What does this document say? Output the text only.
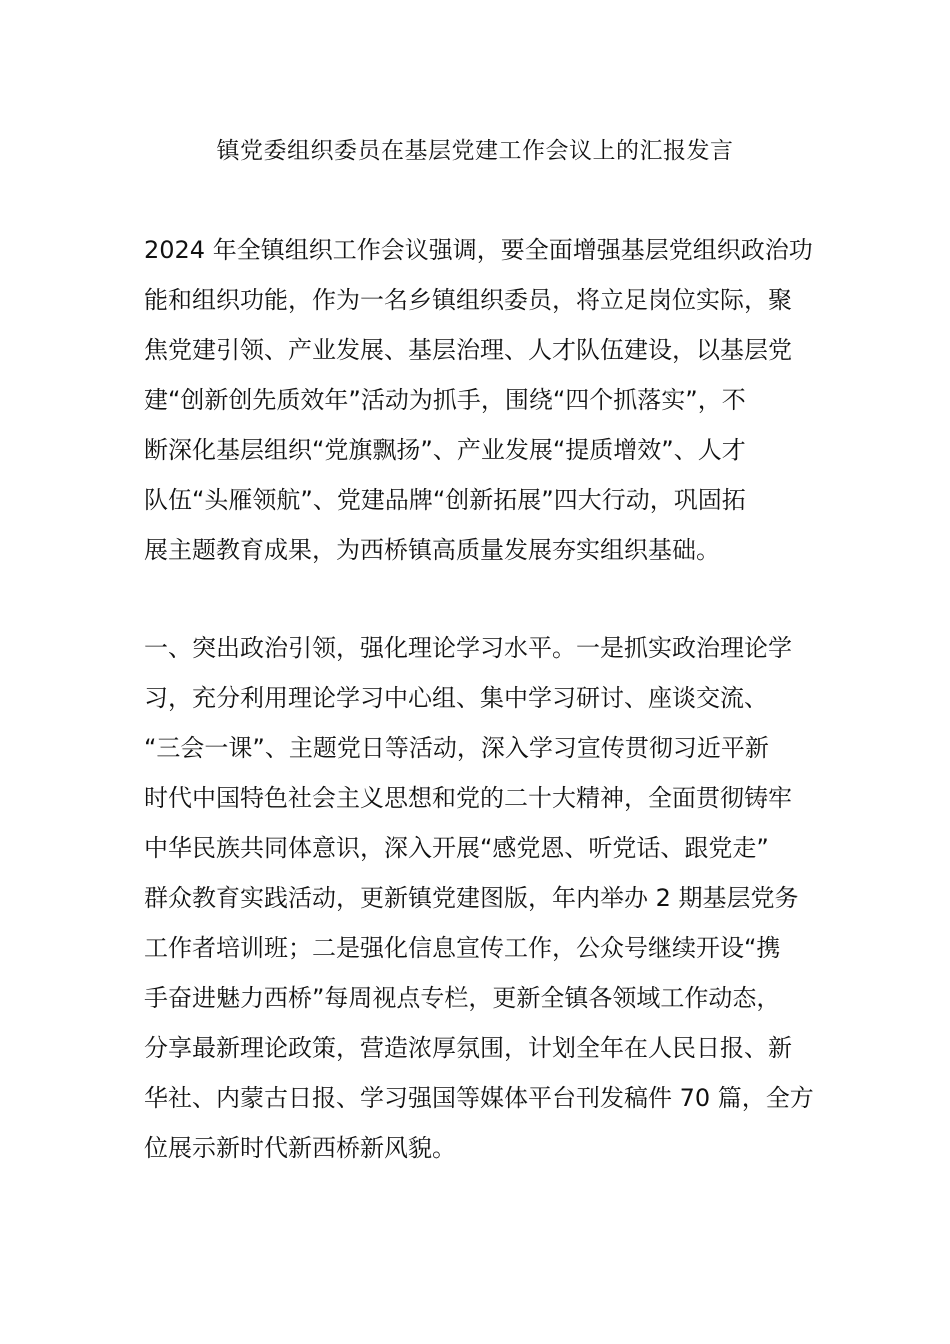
镇党委组织委员在基层党建工作会议上的汇报发言

2024 年全镇组织工作会议强调，要全面增强基层党组织政治功
能和组织功能，作为一名乡镇组织委员，将立足岗位实际，聚
焦党建引领、产业发展、基层治理、人才队伍建设，以基层党
建“创新创先质效年”活动为抓手，围绕“四个抓落实”，不
断深化基层组织“党旗飘扬”、产业发展“提质增效”、人才
队伍“头雁领航”、党建品牌“创新拓展”四大行动，巩固拓
展主题教育成果，为西桥镇高质量发展夯实组织基础。

一、突出政治引领，强化理论学习水平。一是抓实政治理论学
习，充分利用理论学习中心组、集中学习研讨、座谈交流、
“三会一课”、主题党日等活动，深入学习宣传贯彻习近平新
时代中国特色社会主义思想和党的二十大精神，全面贯彻铸牢
中华民族共同体意识，深入开展“感党恩、听党话、跟党走”
群众教育实践活动，更新镇党建图版，年内举办 2 期基层党务
工作者培训班；二是强化信息宣传工作，公众号继续开设“携
手奋进魅力西桥”每周视点专栏，更新全镇各领域工作动态，
分享最新理论政策，营造浓厚氛围，计划全年在人民日报、新
华社、内蒙古日报、学习强国等媒体平台刊发稿件 70 篇，全方
位展示新时代新西桥新风貌。
